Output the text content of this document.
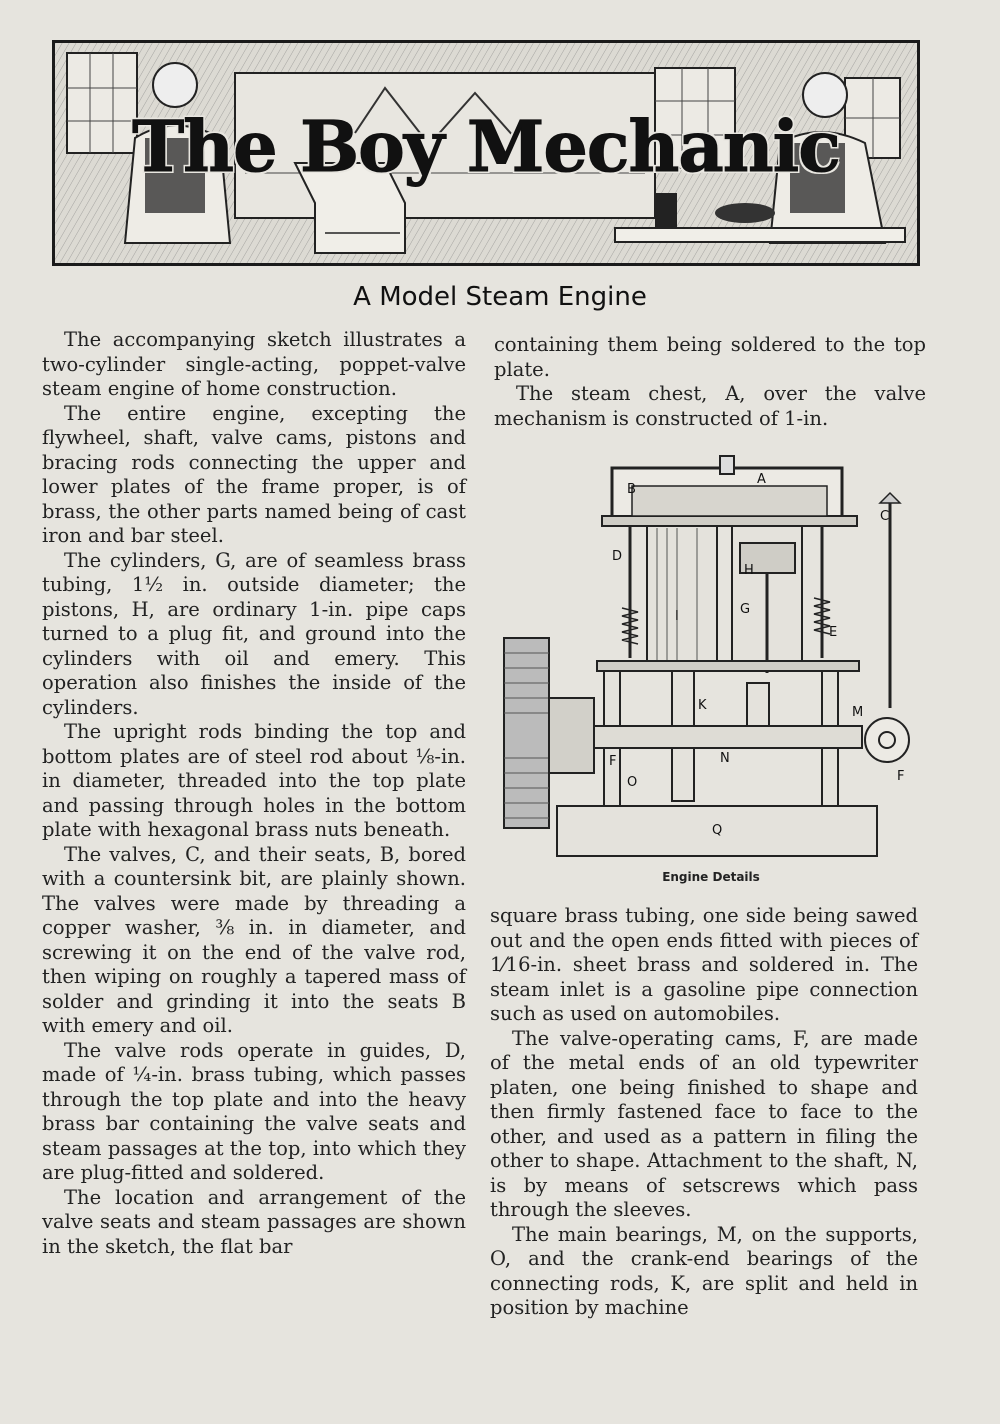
The Boy Mechanic
A Model Steam Engine

The accompanying sketch illustrates a two-cylinder single-acting, poppet-valve steam engine of home construction.

The entire engine, excepting the flywheel, shaft, valve cams, pistons and bracing rods connecting the upper and lower plates of the frame proper, is of brass, the other parts named being of cast iron and bar steel.

The cylinders, G, are of seamless brass tubing, 1½ in. outside diameter; the pistons, H, are ordinary 1-in. pipe caps turned to a plug fit, and ground into the cylinders with oil and emery. This operation also finishes the inside of the cylinders.

The upright rods binding the top and bottom plates are of steel rod about ⅛-in. in diameter, threaded into the top plate and passing through holes in the bottom plate with hexagonal brass nuts beneath.

The valves, C, and their seats, B, bored with a countersink bit, are plainly shown. The valves were made by threading a copper washer, ⅜ in. in diameter, and screwing it on the end of the valve rod, then wiping on roughly a tapered mass of solder and grinding it into the seats B with emery and oil.

The valve rods operate in guides, D, made of ¼-in. brass tubing, which passes through the top plate and into the heavy brass bar containing the valve seats and steam passages at the top, into which they are plug-fitted and soldered.

The location and arrangement of the valve seats and steam passages are shown in the sketch, the flat bar

containing them being soldered to the top plate.

The steam chest, A, over the valve mechanism is constructed of 1-in.

A
B
C
D
E
F
F
G
H
I
K	M
N
O
Q
Engine Details

square brass tubing, one side being sawed out and the open ends fitted with pieces of 1⁄16-in. sheet brass and soldered in. The steam inlet is a gasoline pipe connection such as used on automobiles.

The valve-operating cams, F, are made of the metal ends of an old typewriter platen, one being finished to shape and then firmly fastened face to face to the other, and used as a pattern in filing the other to shape. Attachment to the shaft, N, is by means of setscrews which pass through the sleeves.

The main bearings, M, on the supports, O, and the crank-end bearings of the connecting rods, K, are split and held in position by machine
